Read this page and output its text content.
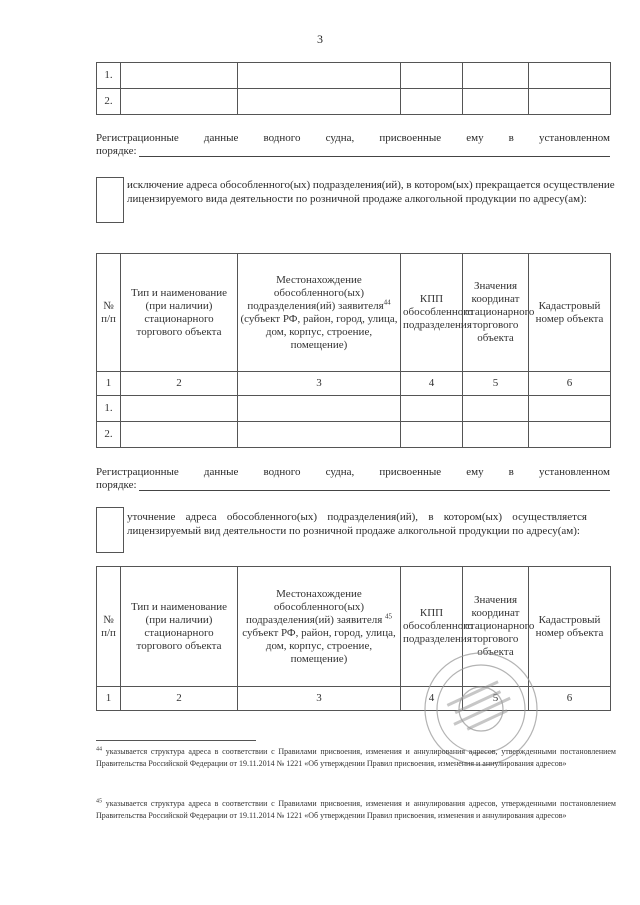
3
1.					
2.					
Регистрационные данные водного судна, присвоенные ему в установленном
порядке:
исключение адреса обособленного(ых) подразделения(ий), в котором(ых) прекращается осуществление лицензируемого вида деятельности по розничной продаже алкогольной продукции по адресу(ам):
№ п/п	Тип и наименование (при наличии) стационарного торгового объекта	Местонахождение обособленного(ых) подразделения(ий) заявителя$^{44}$
(субъект РФ, район, город, улица, дом, корпус, строение, помещение)	КПП обособленного подразделения	Значения координат стационарного торгового объекта	Кадастровый номер объекта
1	2	3	4	5	6
1.					
2.					
Регистрационные данные водного судна, присвоенные ему в установленном
порядке:
уточнение адреса обособленного(ых) подразделения(ий), в котором(ых) осуществляется лицензируемый вид деятельности по розничной продаже алкогольной продукции по адресу(ам):
№ п/п	Тип и наименование (при наличии) стационарного торгового объекта	Местонахождение обособленного(ых) подразделения(ий) заявителя $^{45}$
субъект РФ, район, город, улица, дом, корпус, строение, помещение)	КПП обособленного подразделения	Значения координат стационарного торгового объекта	Кадастровый номер объекта
1	2	3	4	5	6
$^{44}$ указывается структура адреса в соответствии с Правилами присвоения, изменения и аннулирования адресов, утвержденными постановлением Правительства Российской Федерации от 19.11.2014 № 1221 «Об утверждении Правил присвоения, изменения и аннулирования адресов»
$^{45}$ указывается структура адреса в соответствии с Правилами присвоения, изменения и аннулирования адресов, утвержденными постановлением Правительства Российской Федерации от 19.11.2014 № 1221 «Об утверждении Правил присвоения, изменения и аннулирования адресов»
